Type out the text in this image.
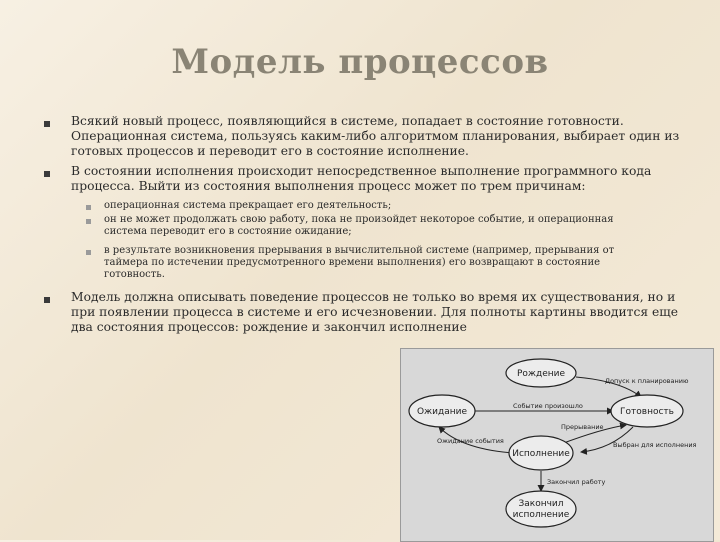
Модель процессов
Всякий новый процесс, появляющийся в системе, попадает в состояние готовности.
Операционная система, пользуясь каким-либо алгоритмом планирования, выбирает один из
готовых процессов и переводит его в состояние исполнение.
В состоянии исполнения происходит непосредственное выполнение программного кода
процесса. Выйти из состояния выполнения процесс может по трем причинам:
операционная система прекращает его деятельность;
он не может продолжать свою работу, пока не произойдет некоторое событие, и операционная
система переводит его в состояние ожидание;
в результате возникновения прерывания в вычислительной системе (например, прерывания от
таймера по истечении предусмотренного времени выполнения) его возвращают в состояние
готовность.
Модель должна описывать поведение процессов не только во время их существования, но и
при появлении процесса в системе и его исчезновении. Для полноты картины вводится еще
два состояния процессов: рождение и закончил исполнение
Рождение
Ожидание	Готовность
Исполнение
Закончил
исполнение
Допуск к планированию
Событие произошло
Прерывание
Ожидание события	Выбран для исполнения
Закончил работу
